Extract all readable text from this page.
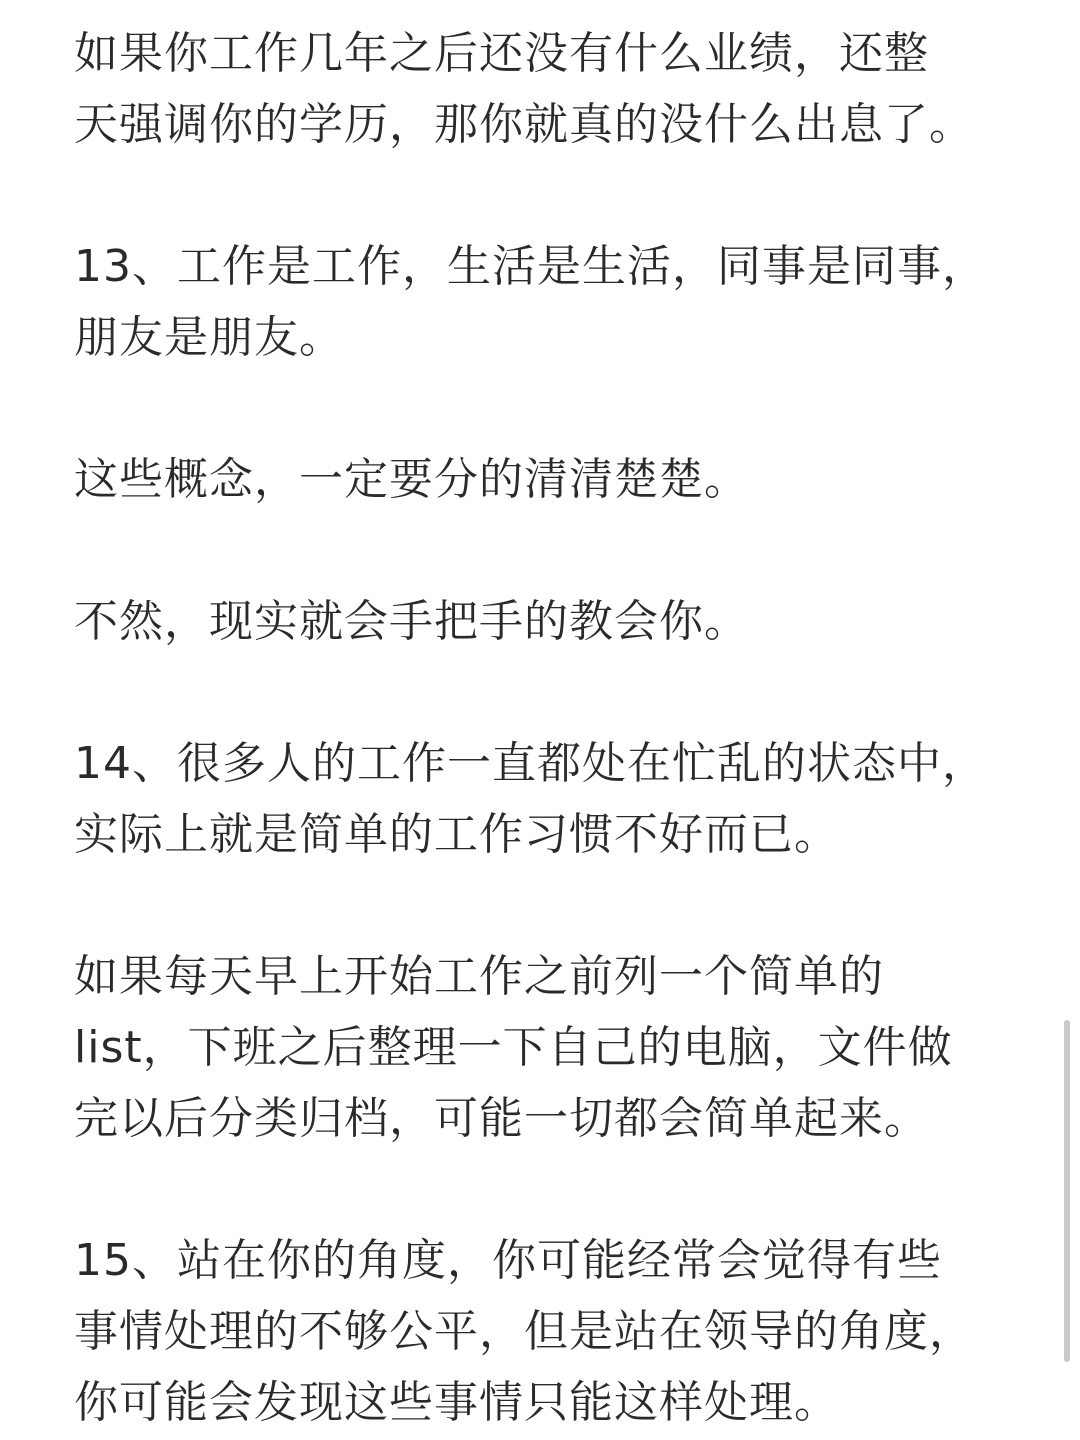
如果你工作几年之后还没有什么业绩，还整
天强调你的学历，那你就真的没什么出息了。
13、工作是工作，生活是生活，同事是同事，
朋友是朋友。
这些概念，一定要分的清清楚楚。
不然，现实就会手把手的教会你。
14、很多人的工作一直都处在忙乱的状态中，
实际上就是简单的工作习惯不好而已。
如果每天早上开始工作之前列一个简单的
list，下班之后整理一下自己的电脑，文件做
完以后分类归档，可能一切都会简单起来。
15、站在你的角度，你可能经常会觉得有些
事情处理的不够公平，但是站在领导的角度，
你可能会发现这些事情只能这样处理。
